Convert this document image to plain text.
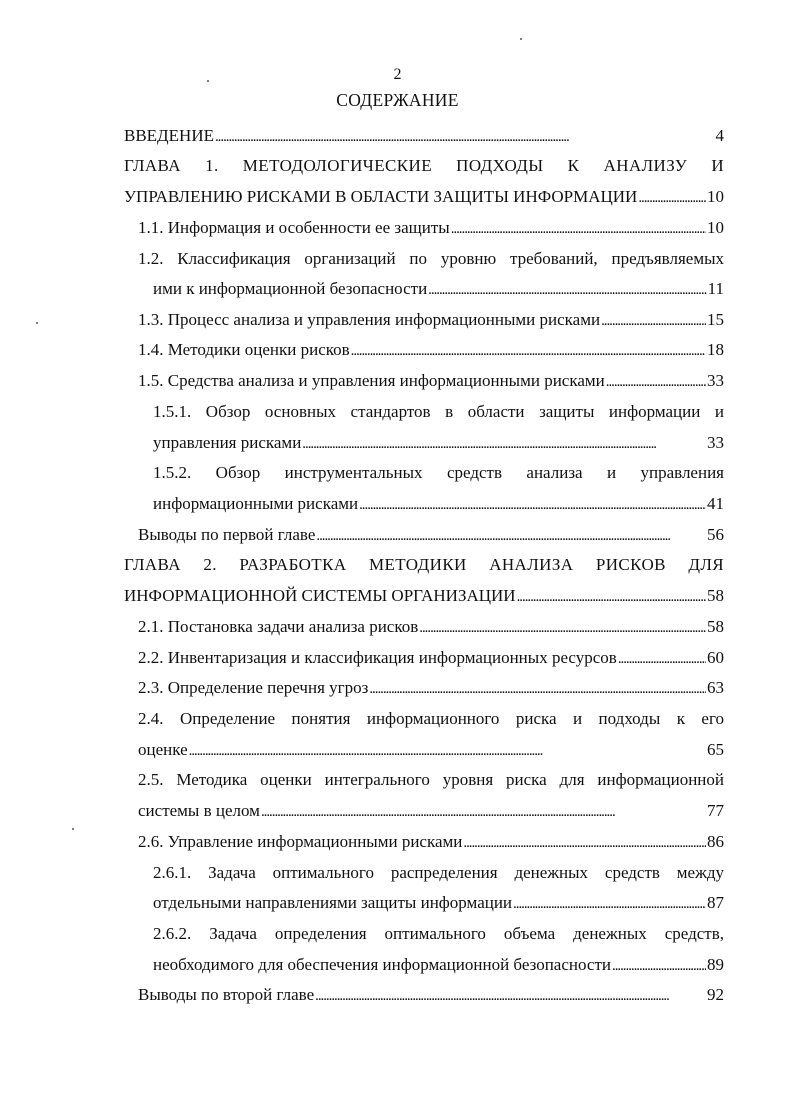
2
СОДЕРЖАНИЕ
ВВЕДЕНИЕ . . .	4
ГЛАВА 1. МЕТОДОЛОГИЧЕСКИЕ ПОДХОДЫ К АНАЛИЗУ И
УПРАВЛЕНИЮ РИСКАМИ В ОБЛАСТИ ЗАЩИТЫ ИНФОРМАЦИИ . . .	10
1.1. Информация и особенности ее защиты . . .	10
1.2. Классификация организаций по уровню требований, предъявляемых
ими к информационной безопасности . . .	11
1.3. Процесс анализа и управления информационными рисками . . .	15
1.4. Методики оценки рисков . . .	18
1.5. Средства анализа и управления информационными рисками . . .	33
1.5.1. Обзор основных стандартов в области защиты информации и
управления рисками . . .	33
1.5.2. Обзор инструментальных средств анализа и управления
информационными рисками . . .	41
Выводы по первой главе . . .	56
ГЛАВА 2. РАЗРАБОТКА МЕТОДИКИ АНАЛИЗА РИСКОВ ДЛЯ
ИНФОРМАЦИОННОЙ СИСТЕМЫ ОРГАНИЗАЦИИ . . .	58
2.1. Постановка задачи анализа рисков . . .	58
2.2. Инвентаризация и классификация информационных ресурсов . . .	60
2.3. Определение перечня угроз . . .	63
2.4. Определение понятия информационного риска и подходы к его
оценке . . .	65
2.5. Методика оценки интегрального уровня риска для информационной
системы в целом . . .	77
2.6. Управление информационными рисками . . .	86
2.6.1. Задача оптимального распределения денежных средств между
отдельными направлениями защиты информации . . .	87
2.6.2. Задача определения оптимального объема денежных средств,
необходимого для обеспечения информационной безопасности . . .	89
Выводы по второй главе . . .	92
